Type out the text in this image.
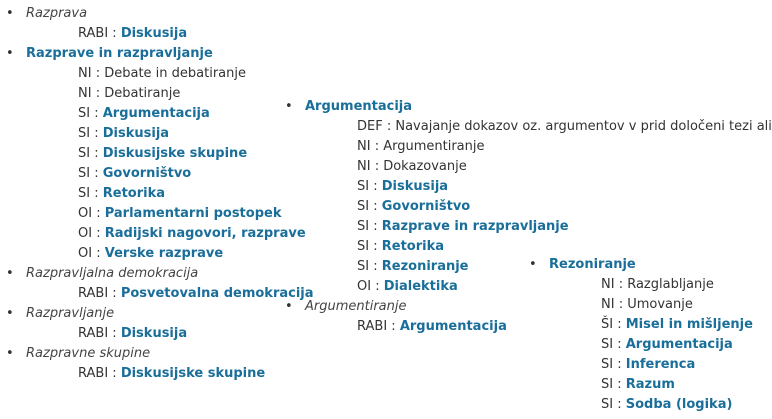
• Razprava
RABI : Diskusija
• Razprave in razpravljanje
NI : Debate in debatiranje
NI : Debatiranje
SI : Argumentacija
SI : Diskusija
SI : Diskusijske skupine
SI : Govorništvo
SI : Retorika
OI : Parlamentarni postopek
OI : Radijski nagovori, razprave
OI : Verske razprave
• Razpravljalna demokracija
RABI : Posvetovalna demokracija
• Razpravljanje
RABI : Diskusija
• Razpravne skupine
RABI : Diskusijske skupine
• Argumentacija
DEF : Navajanje dokazov oz. argumentov v prid določeni tezi ali
NI : Argumentiranje
NI : Dokazovanje
SI : Diskusija
SI : Govorništvo
SI : Razprave in razpravljanje
SI : Retorika
SI : Rezoniranje
OI : Dialektika
• Argumentiranje
RABI : Argumentacija
• Rezoniranje
NI : Razglabljanje
NI : Umovanje
ŠI : Misel in mišljenje
SI : Argumentacija
SI : Inferenca
SI : Razum
SI : Sodba (logika)
